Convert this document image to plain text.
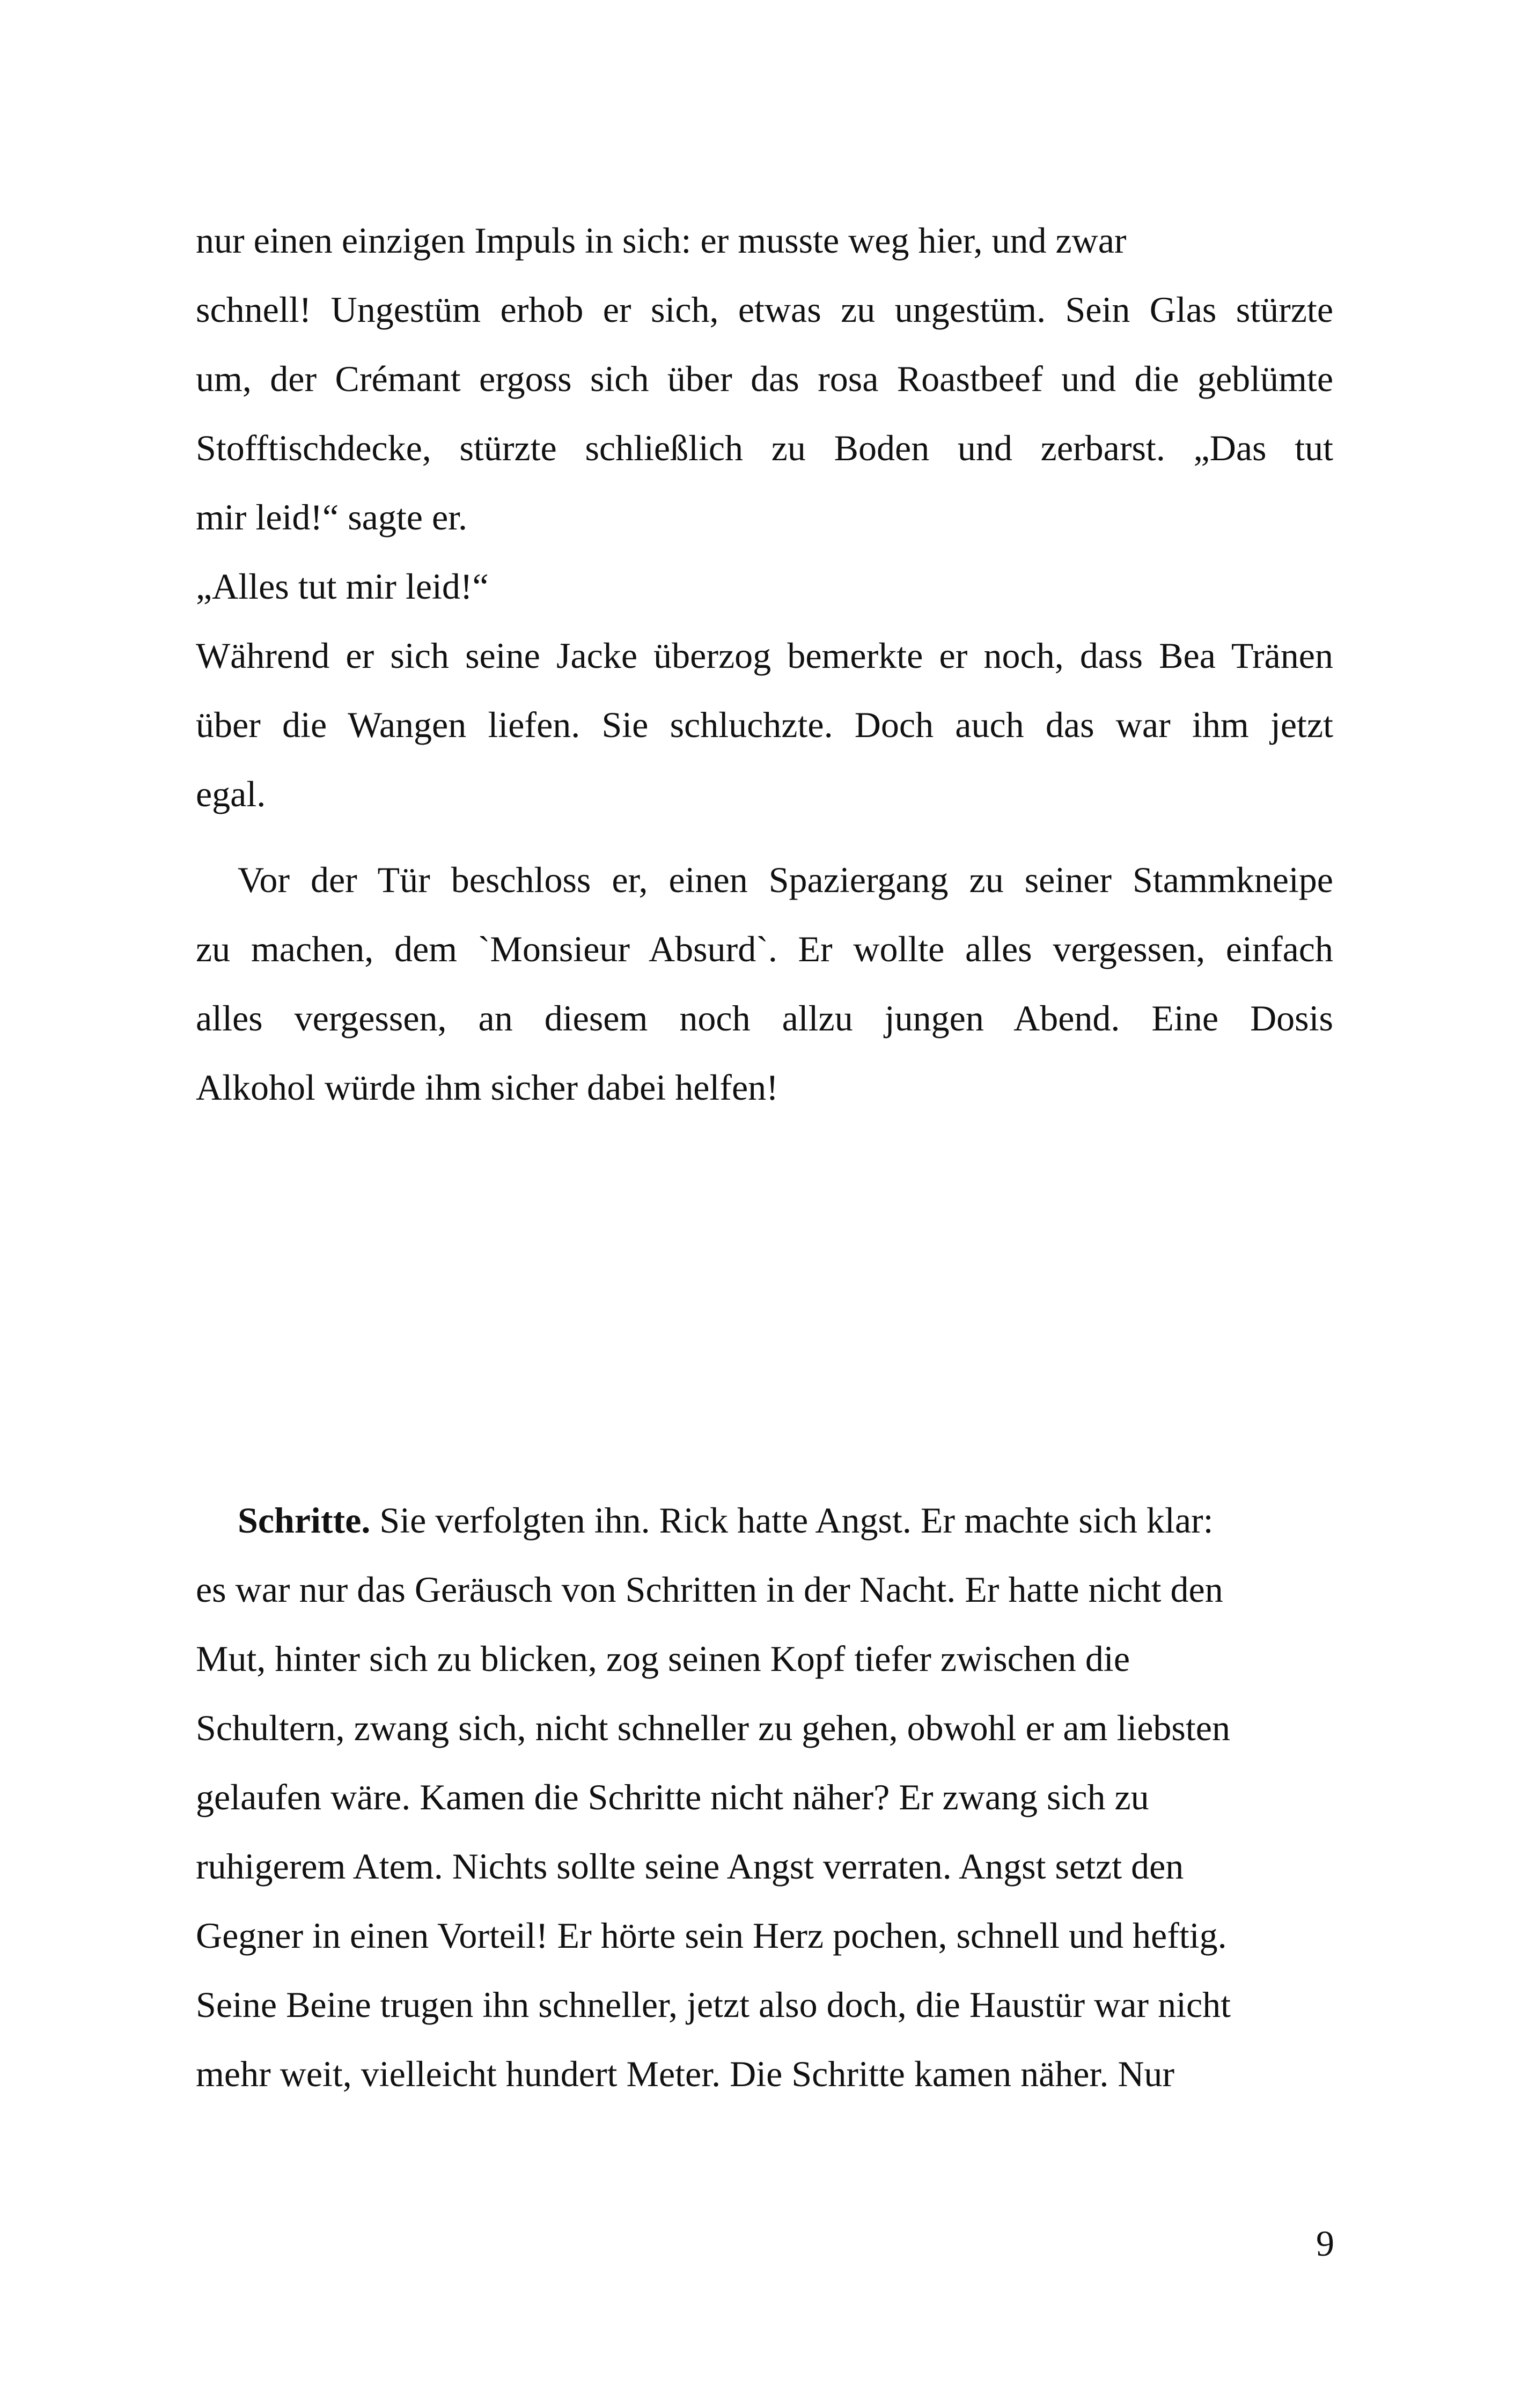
nur einen einzigen Impuls in sich: er musste weg hier, und zwar
schnell! Ungestüm erhob er sich, etwas zu ungestüm. Sein Glas stürzte
um, der Crémant ergoss sich über das rosa Roastbeef und die geblümte
Stofftischdecke, stürzte schließlich zu Boden und zerbarst. „Das tut
mir leid!“ sagte er.
„Alles tut mir leid!“
Während er sich seine Jacke überzog bemerkte er noch, dass Bea Tränen
über die Wangen liefen. Sie schluchzte. Doch auch das war ihm jetzt
egal.
Vor der Tür beschloss er, einen Spaziergang zu seiner Stammkneipe
zu machen, dem `Monsieur Absurd`. Er wollte alles vergessen, einfach
alles vergessen, an diesem noch allzu jungen Abend. Eine Dosis
Alkohol würde ihm sicher dabei helfen!
Schritte. Sie verfolgten ihn. Rick hatte Angst. Er machte sich klar:
es war nur das Geräusch von Schritten in der Nacht. Er hatte nicht den
Mut, hinter sich zu blicken, zog seinen Kopf tiefer zwischen die
Schultern, zwang sich, nicht schneller zu gehen, obwohl er am liebsten
gelaufen wäre. Kamen die Schritte nicht näher? Er zwang sich zu
ruhigerem Atem. Nichts sollte seine Angst verraten. Angst setzt den
Gegner in einen Vorteil! Er hörte sein Herz pochen, schnell und heftig.
Seine Beine trugen ihn schneller, jetzt also doch, die Haustür war nicht
mehr weit, vielleicht hundert Meter. Die Schritte kamen näher. Nur
9
